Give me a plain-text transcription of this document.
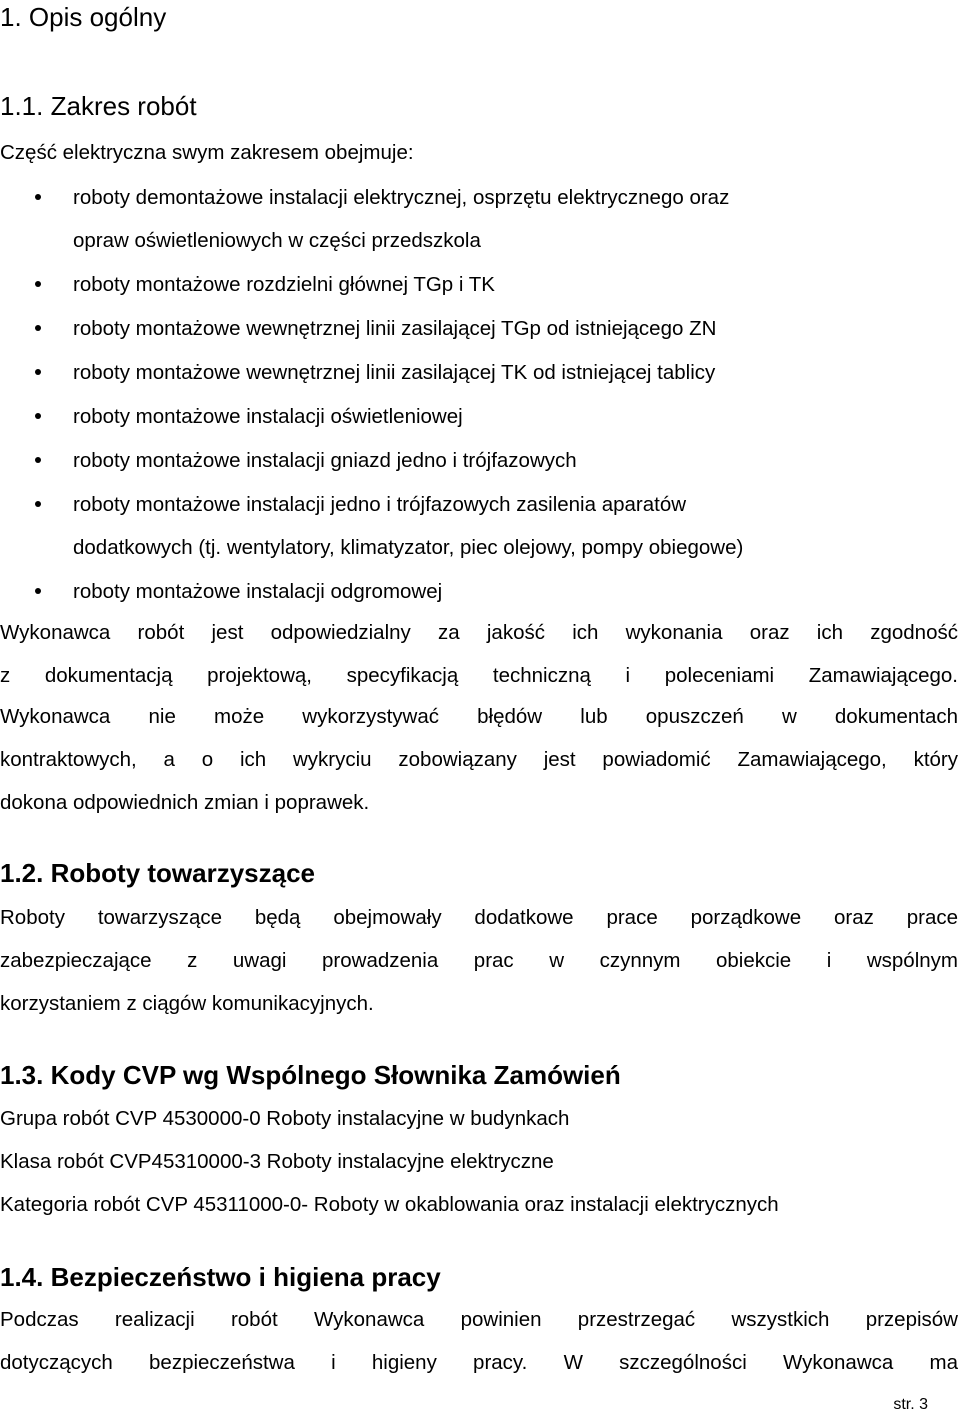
1. Opis ogólny
1.1. Zakres robót
Część elektryczna swym zakresem obejmuje:
roboty demontażowe instalacji elektrycznej, osprzętu elektrycznego oraz
opraw oświetleniowych w części przedszkola
roboty montażowe rozdzielni głównej TGp i TK
roboty montażowe wewnętrznej linii zasilającej TGp od istniejącego ZN
roboty montażowe wewnętrznej linii zasilającej TK od istniejącej tablicy
roboty montażowe instalacji oświetleniowej
roboty montażowe instalacji gniazd jedno i trójfazowych
roboty montażowe instalacji jedno i trójfazowych zasilenia aparatów
dodatkowych (tj. wentylatory, klimatyzator, piec olejowy, pompy obiegowe)
roboty montażowe instalacji odgromowej
Wykonawca robót jest odpowiedzialny za jakość ich wykonania oraz ich zgodność
z dokumentacją projektową, specyfikacją techniczną i poleceniami Zamawiającego.
Wykonawca nie może wykorzystywać błędów lub opuszczeń w dokumentach
kontraktowych, a o ich wykryciu zobowiązany jest powiadomić Zamawiającego, który
dokona odpowiednich zmian i poprawek.
1.2. Roboty towarzyszące
Roboty towarzyszące będą obejmowały dodatkowe prace porządkowe oraz prace
zabezpieczające z uwagi prowadzenia prac w czynnym obiekcie i wspólnym
korzystaniem z ciągów komunikacyjnych.
1.3. Kody CVP wg Wspólnego Słownika Zamówień
Grupa robót CVP 4530000-0 Roboty instalacyjne w budynkach
Klasa robót CVP45310000-3 Roboty instalacyjne elektryczne
Kategoria robót CVP 45311000-0- Roboty w okablowania oraz instalacji elektrycznych
1.4. Bezpieczeństwo i higiena pracy
Podczas realizacji robót Wykonawca powinien przestrzegać wszystkich przepisów
dotyczących bezpieczeństwa i higieny pracy. W szczególności Wykonawca ma
str. 3
